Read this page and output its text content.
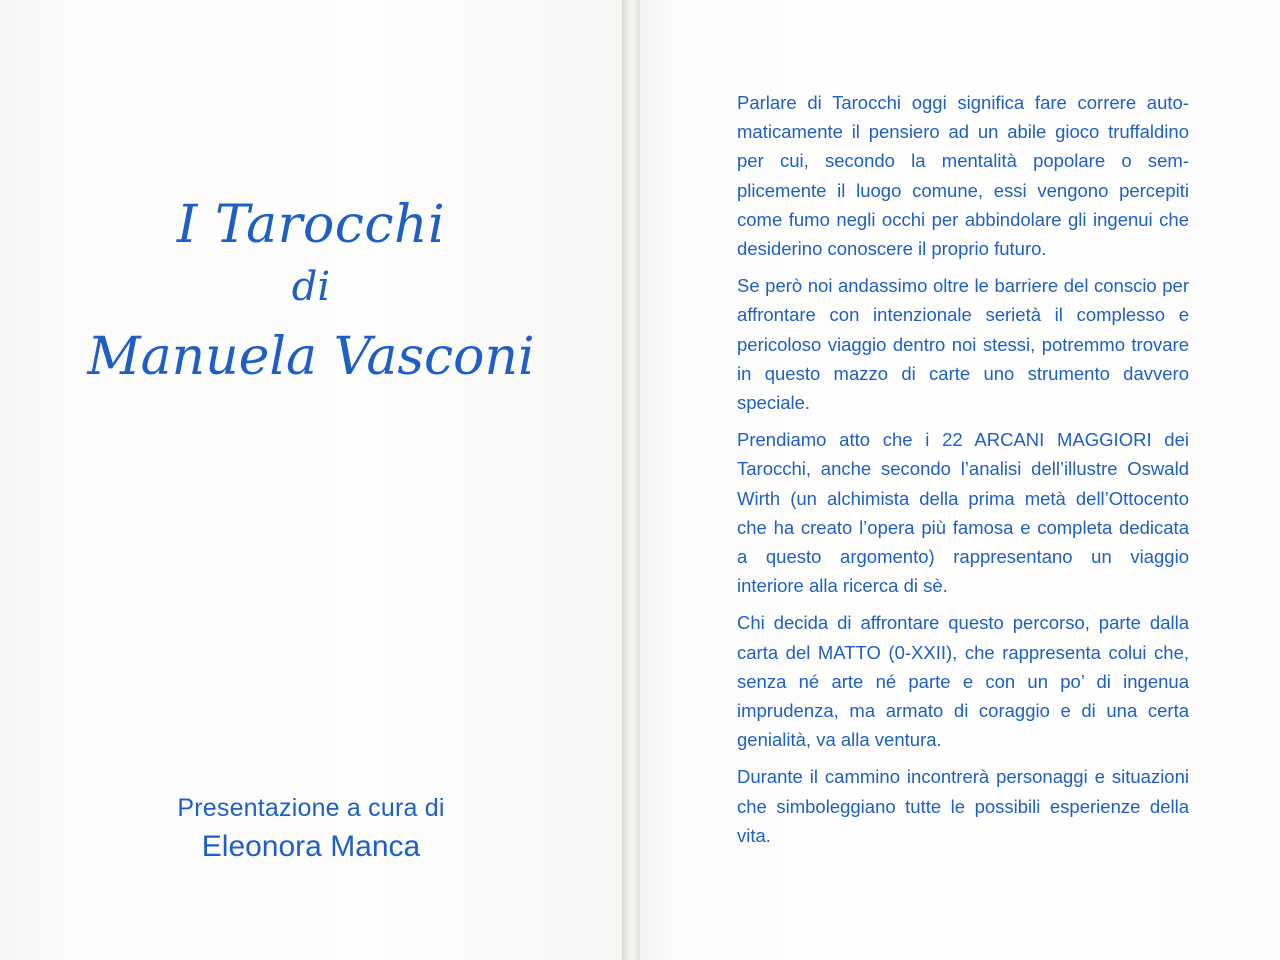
I Tarocchi
di
Manuela Vasconi
Presentazione a cura di
Eleonora Manca

Parlare di Tarocchi oggi significa fare correre automaticamente il pensiero ad un abile gioco truffaldino per cui, secondo la mentalità popolare o semplicemente il luogo comune, essi vengono percepiti come fumo negli occhi per abbindolare gli ingenui che desiderino conoscere il proprio futuro.

Se però noi andassimo oltre le barriere del conscio per affrontare con intenzionale serietà il complesso e pericoloso viaggio dentro noi stessi, potremmo trovare in questo mazzo di carte uno strumento davvero speciale.

Prendiamo atto che i 22 ARCANI MAGGIORI dei Tarocchi, anche secondo l’analisi dell’illustre Oswald Wirth (un alchimista della prima metà dell’Ottocento che ha creato l’opera più famosa e completa dedicata a questo argomento) rappresentano un viaggio interiore alla ricerca di sè.

Chi decida di affrontare questo percorso, parte dalla carta del MATTO (0-XXII), che rappresenta colui che, senza né arte né parte e con un po’ di ingenua imprudenza, ma armato di coraggio e di una certa genialità, va alla ventura.

Durante il cammino incontrerà personaggi e situazioni che simboleggiano tutte le possibili esperienze della vita.
